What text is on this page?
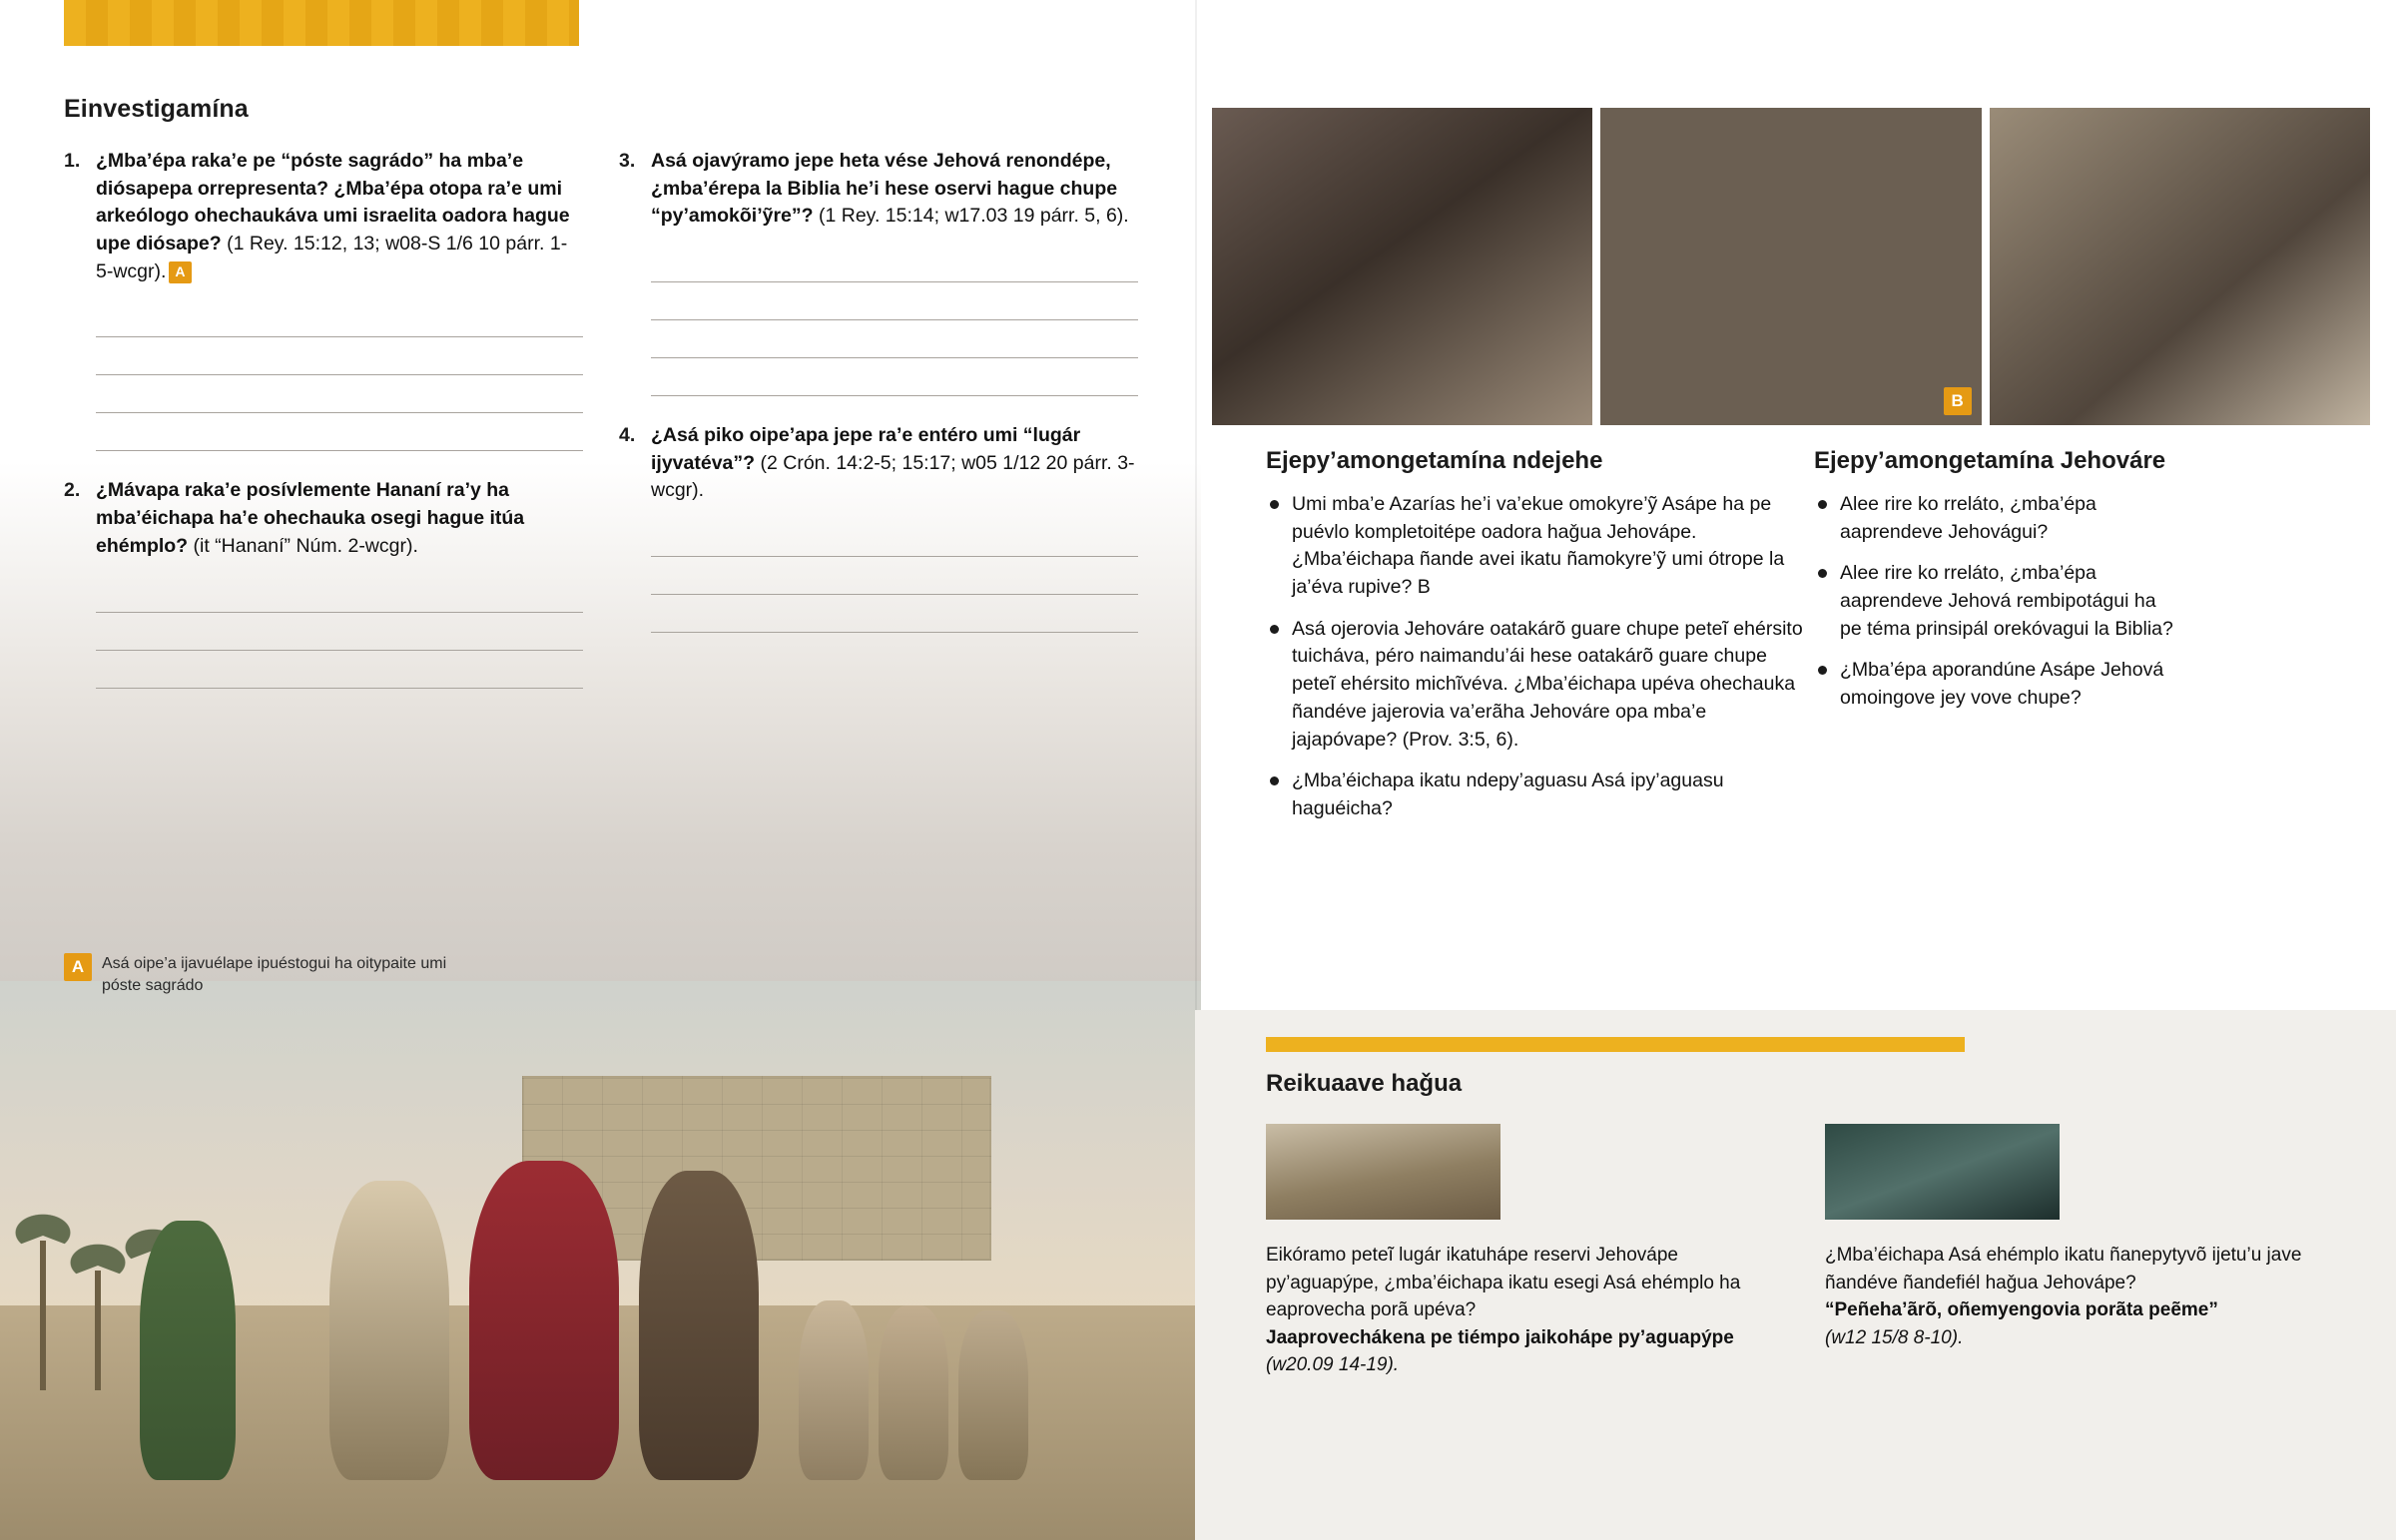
Einvestigamína
1. ¿Mba’épa raka’e pe “póste sagrádo” ha mba’e diósapepa orrepresenta? ¿Mba’épa otopa ra’e umi arkeólogo ohechaukáva umi israelita oadora hague upe diósape? (1 Rey. 15:12, 13; w08-S 1/6 10 párr. 1-5-wcgr). A
2. ¿Mávapa raka’e posívlemente Hananí ra’y ha mba’éichapa ha’e ohechauka osegi hague itúa ehémplo? (it “Hananí” Núm. 2-wcgr).
3. Asá ojavýramo jepe heta vése Jehová renondépe, ¿mba’érepa la Biblia he’i hese oservi hague chupe “py’amokõi’ỹre”? (1 Rey. 15:14; w17.03 19 párr. 5, 6).
4. ¿Asá piko oipe’apa jepe ra’e entéro umi “lugár ijyvatéva”? (2 Crón. 14:2-5; 15:17; w05 1/12 20 párr. 3-wcgr).
A	Asá oipe’a ijavuélape ipuéstogui ha oitypaite umi póste sagrádo
B
Ejepy’amongetamína ndejehe
Umi mba’e Azarías he’i va’ekue omokyre’ỹ Asápe ha pe puévlo kompletoitépe oadora haǧua Jehovápe. ¿Mba’éichapa ñande avei ikatu ñamokyre’ỹ umi ótrope la ja’éva rupive? B
Asá ojerovia Jehováre oatakárõ guare chupe peteĩ ehérsito tuicháva, péro naimandu’ái hese oatakárõ guare chupe peteĩ ehérsito michĩvéva. ¿Mba’éichapa upéva ohechauka ñandéve jajerovia va’erãha Jehováre opa mba’e jajapóvape? (Prov. 3:5, 6).
¿Mba’éichapa ikatu ndepy’aguasu Asá ipy’aguasu haguéicha?
Ejepy’amongetamína Jehováre
Alee rire ko rreláto, ¿mba’épa aaprendeve Jehovágui?
Alee rire ko rreláto, ¿mba’épa aaprendeve Jehová rembipotágui ha pe téma prinsipál orekóvagui la Biblia?
¿Mba’épa aporandúne Asápe Jehová omoingove jey vove chupe?
Reikuaave haǧua
Eikóramo peteĩ lugár ikatuhápe reservi Jehovápe py’aguapýpe, ¿mba’éichapa ikatu esegi Asá ehémplo ha eaprovecha porã upéva?
Jaaprovechákena pe tiémpo jaikohápe py’aguapýpe
(w20.09 14-19).
¿Mba’éichapa Asá ehémplo ikatu ñanepytyvõ ijetu’u jave ñandéve ñandefiél haǧua Jehovápe?
“Peñeha’ãrõ, oñemyengovia porãta peẽme”
(w12 15/8 8-10).
